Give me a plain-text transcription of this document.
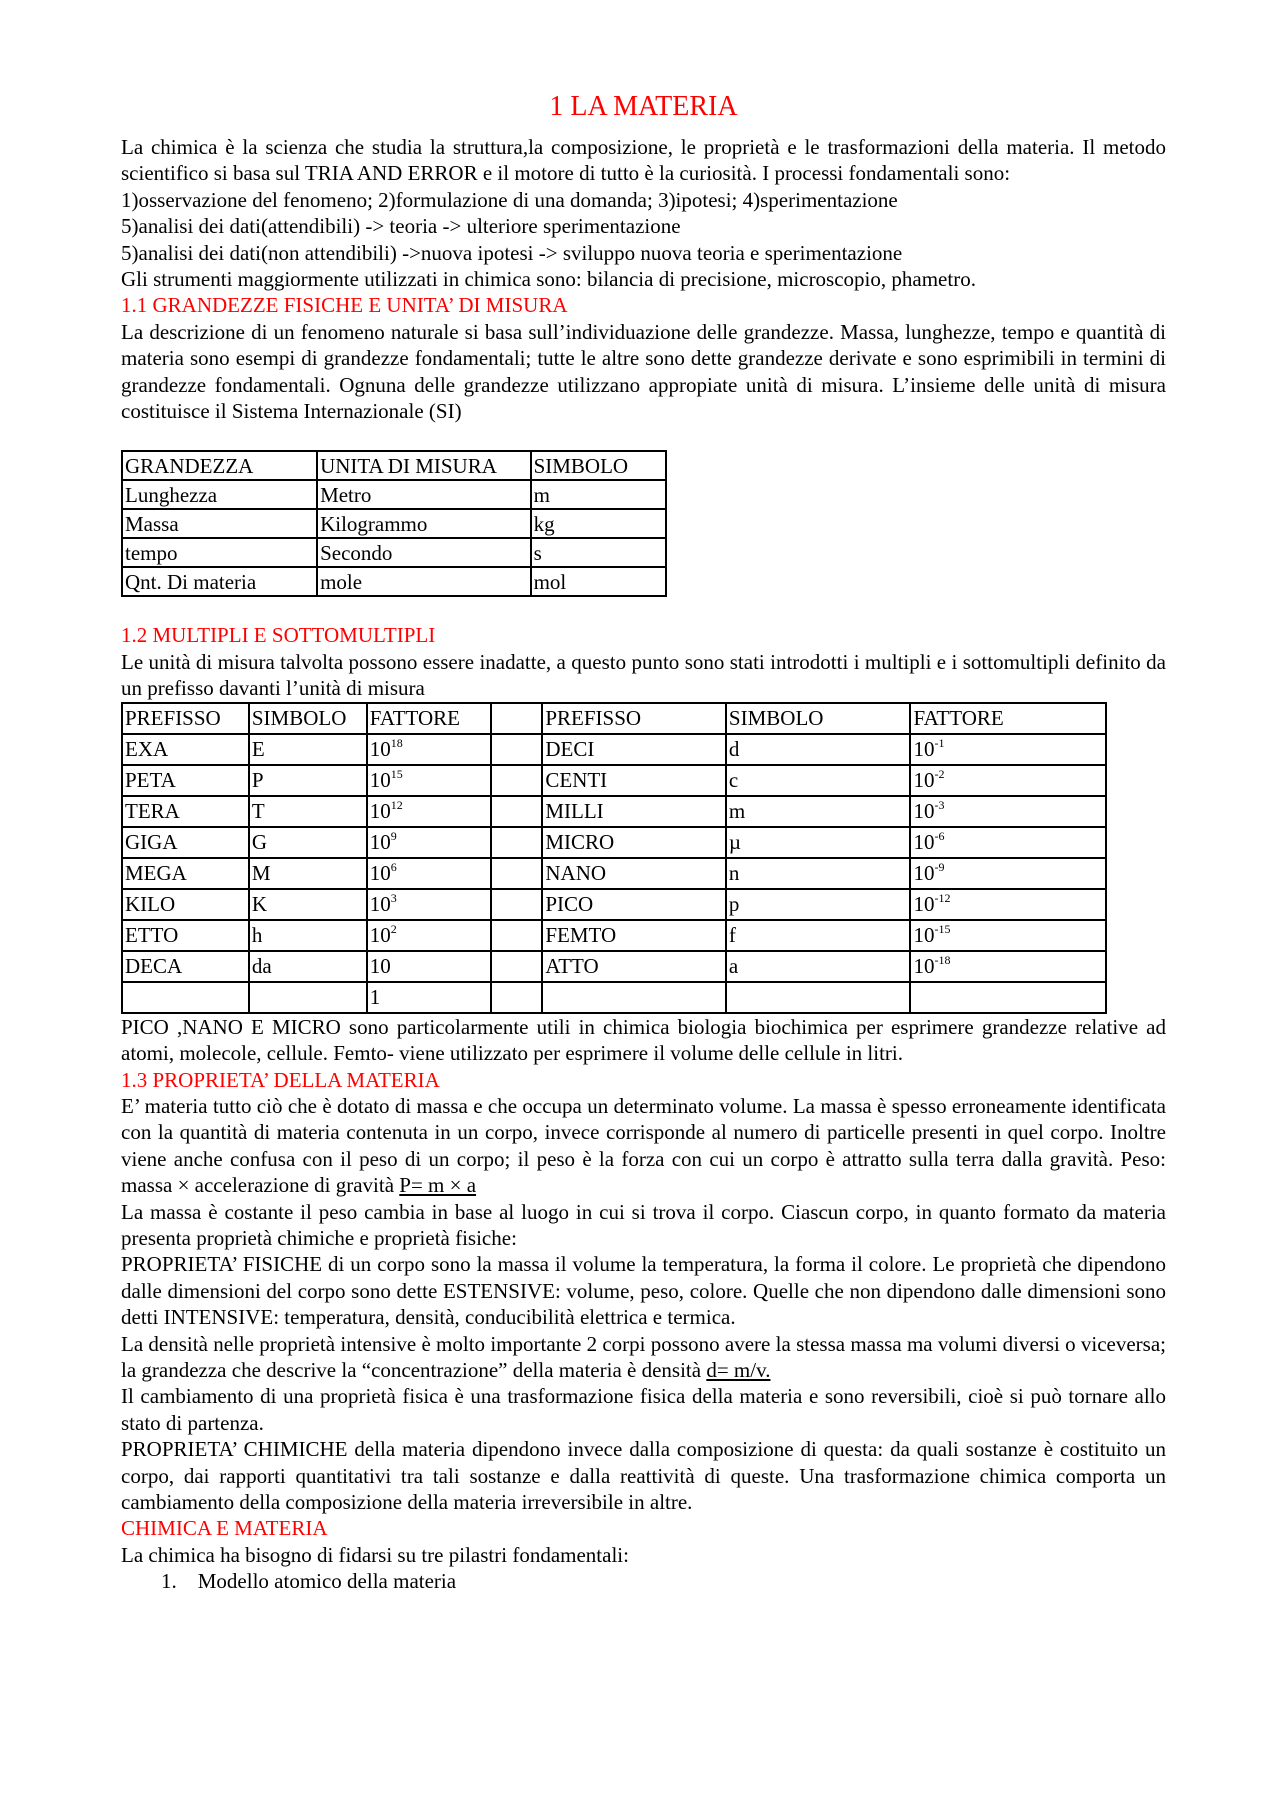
1 LA MATERIA

La chimica è la scienza che studia la struttura,la composizione, le proprietà e le trasformazioni della materia. Il metodo scientifico si basa sul TRIA AND ERROR e il motore di tutto è la curiosità. I processi fondamentali sono:

1)osservazione del fenomeno; 2)formulazione di una domanda; 3)ipotesi; 4)sperimentazione

5)analisi dei dati(attendibili) -> teoria -> ulteriore sperimentazione

5)analisi dei dati(non attendibili) ->nuova ipotesi -> sviluppo nuova teoria e sperimentazione

Gli strumenti maggiormente utilizzati in chimica sono: bilancia di precisione, microscopio, phametro.

1.1 GRANDEZZE FISICHE E UNITA’ DI MISURA

La descrizione di un fenomeno naturale si basa sull’individuazione delle grandezze. Massa, lunghezze, tempo e quantità di materia sono esempi di grandezze fondamentali; tutte le altre sono dette grandezze derivate e sono esprimibili in termini di grandezze fondamentali. Ognuna delle grandezze utilizzano appropiate unità di misura. L’insieme delle unità di misura costituisce il Sistema Internazionale (SI)

GRANDEZZA	UNITA DI MISURA	SIMBOLO
Lunghezza	Metro	m
Massa	Kilogrammo	kg
tempo	Secondo	s
Qnt. Di materia	mole	mol

1.2 MULTIPLI E SOTTOMULTIPLI

Le unità di misura talvolta possono essere inadatte, a questo punto sono stati introdotti i multipli e i sottomultipli definito da un prefisso davanti l’unità di misura

PREFISSO	SIMBOLO	FATTORE		PREFISSO	SIMBOLO	FATTORE
EXA	E	$10^{18}$		DECI	d	$10^{-1}$
PETA	P	$10^{15}$		CENTI	c	$10^{-2}$
TERA	T	$10^{12}$		MILLI	m	$10^{-3}$
GIGA	G	$10^9$		MICRO	µ	$10^{-6}$
MEGA	M	$10^6$		NANO	n	$10^{-9}$
KILO	K	$10^3$		PICO	p	$10^{-12}$
ETTO	h	$10^2$		FEMTO	f	$10^{-15}$
DECA	da	10		ATTO	a	$10^{-18}$
		1				

PICO ,NANO E MICRO sono particolarmente utili in chimica biologia biochimica per esprimere grandezze relative ad atomi, molecole, cellule. Femto- viene utilizzato per esprimere il volume delle cellule in litri.

1.3 PROPRIETA’ DELLA MATERIA

E’ materia tutto ciò che è dotato di massa e che occupa un determinato volume. La massa è spesso erroneamente identificata con la quantità di materia contenuta in un corpo, invece corrisponde al numero di particelle presenti in quel corpo. Inoltre viene anche confusa con il peso di un corpo; il peso è la forza con cui un corpo è attratto sulla terra dalla gravità. Peso: massa × accelerazione di gravità P= m × a

La massa è costante il peso cambia in base al luogo in cui si trova il corpo. Ciascun corpo, in quanto formato da materia presenta proprietà chimiche e proprietà fisiche:

PROPRIETA’ FISICHE di un corpo sono la massa il volume la temperatura, la forma il colore. Le proprietà che dipendono dalle dimensioni del corpo sono dette ESTENSIVE: volume, peso, colore. Quelle che non dipendono dalle dimensioni sono detti INTENSIVE: temperatura, densità, conducibilità elettrica e termica.

La densità nelle proprietà intensive è molto importante 2 corpi possono avere la stessa massa ma volumi diversi o viceversa; la grandezza che descrive la “concentrazione” della materia è densità d= m/v.

Il cambiamento di una proprietà fisica è una trasformazione fisica della materia e sono reversibili, cioè si può tornare allo stato di partenza.

PROPRIETA’ CHIMICHE della materia dipendono invece dalla composizione di questa: da quali sostanze è costituito un corpo, dai rapporti quantitativi tra tali sostanze e dalla reattività di queste. Una trasformazione chimica comporta un cambiamento della composizione della materia irreversibile in altre.

CHIMICA E MATERIA

La chimica ha bisogno di fidarsi su tre pilastri fondamentali:

1. Modello atomico della materia
